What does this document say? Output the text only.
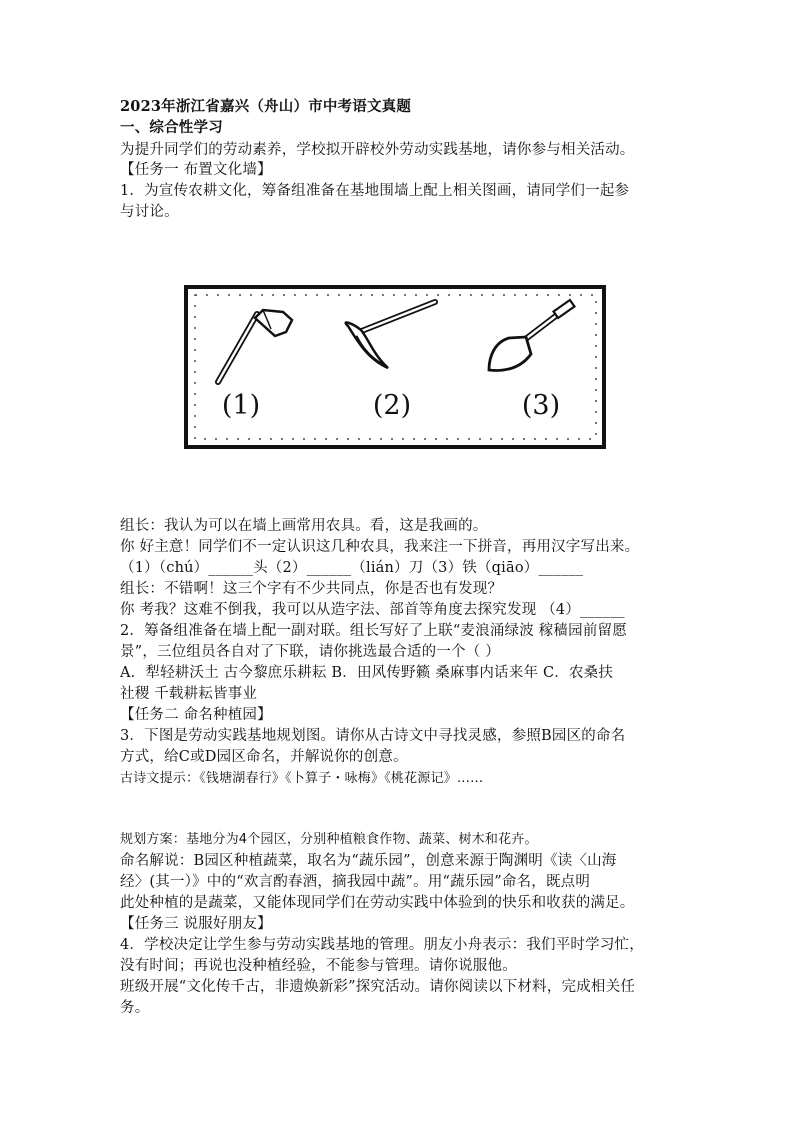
2023年浙江省嘉兴（舟山）市中考语文真题
一、综合性学习
为提升同学们的劳动素养，学校拟开辟校外劳动实践基地，请你参与相关活动。
【任务一 布置文化墙】
1．为宣传农耕文化，筹备组准备在基地围墙上配上相关图画，请同学们一起参
与讨论。
(1)	(2)	(3)
组长：我认为可以在墙上画常用农具。看，这是我画的。
你 好主意！同学们不一定认识这几种农具，我来注一下拼音，再用汉字写出来。
（1）（chú）______头（2）______（lián）刀（3）铁（qiāo）______
组长：不错啊！这三个字有不少共同点，你是否也有发现？
你 考我？这难不倒我，我可以从造字法、部首等角度去探究发现 （4）______
2．筹备组准备在墙上配一副对联。组长写好了上联“麦浪涌绿波 稼穑园前留愿
景”，三位组员各自对了下联，请你挑选最合适的一个（ ）
A．犁轻耕沃土 古今黎庶乐耕耘 B．田风传野籁 桑麻事内话来年 C．农桑扶
社稷 千载耕耘皆事业
【任务二 命名种植园】
3．下图是劳动实践基地规划图。请你从古诗文中寻找灵感，参照B园区的命名
方式，给C或D园区命名，并解说你的创意。
古诗文提示：《钱塘湖春行》《卜算子・咏梅》《桃花源记》……
规划方案：基地分为4个园区，分别种植粮食作物、蔬菜、树木和花卉。
命名解说：B园区种植蔬菜，取名为“蔬乐园”，创意来源于陶渊明《读〈山海
经〉(其一）》中的“欢言酌春酒，摘我园中蔬”。用“蔬乐园”命名，既点明
此处种植的是蔬菜，又能体现同学们在劳动实践中体验到的快乐和收获的满足。
【任务三 说服好朋友】
4．学校决定让学生参与劳动实践基地的管理。朋友小舟表示：我们平时学习忙，
没有时间；再说也没种植经验，不能参与管理。请你说服他。
班级开展“文化传千古，非遗焕新彩”探究活动。请你阅读以下材料，完成相关任
务。
